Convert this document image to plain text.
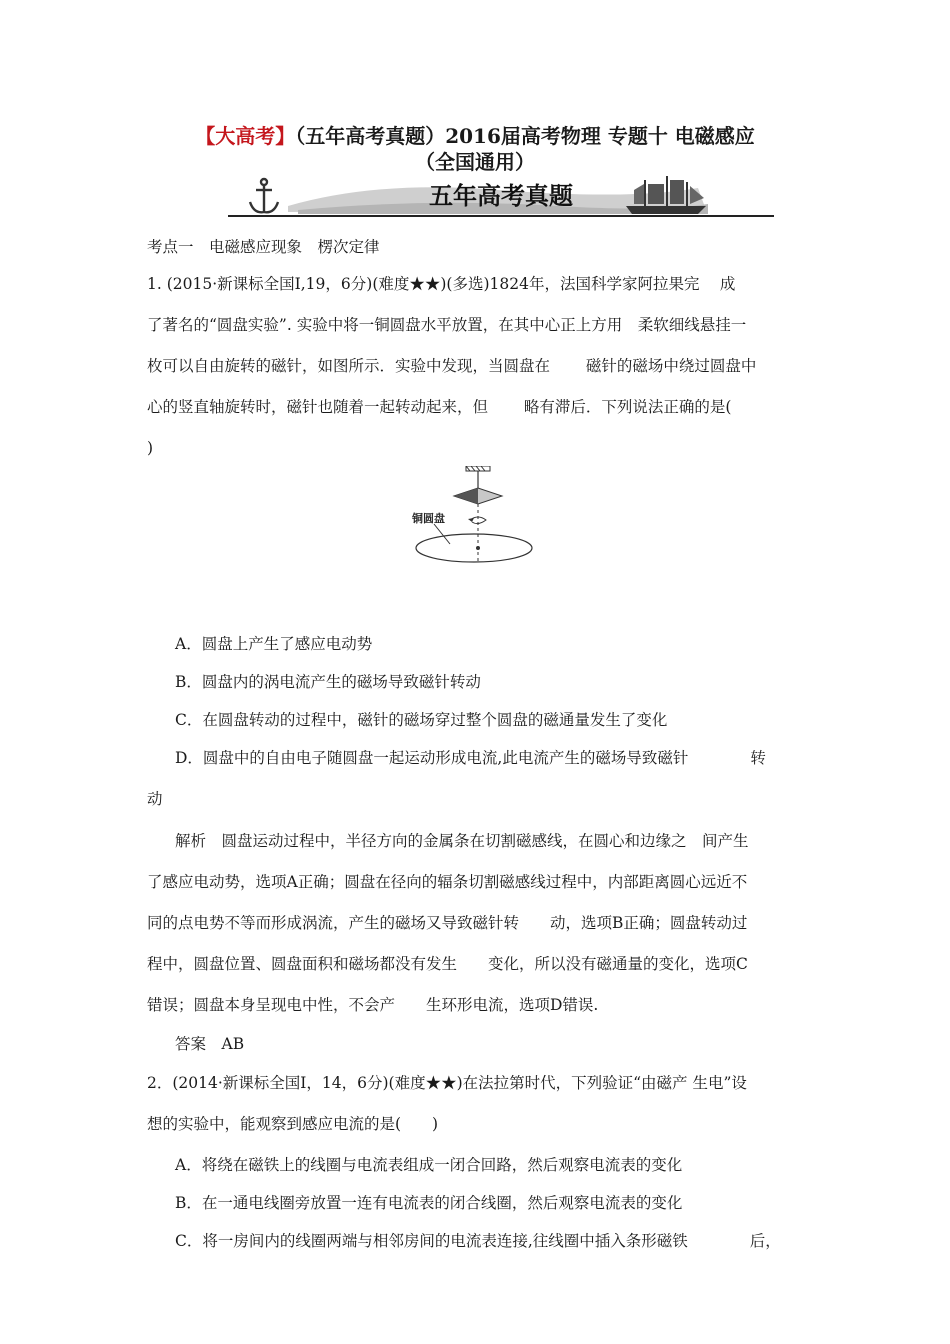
【大高考】（五年高考真题）2016届高考物理 专题十 电磁感应
（全国通用）
五年高考真题
考点一　电磁感应现象　楞次定律
1. (2015·新课标全国Ⅰ,19，6分)(难度★★)(多选)1824年，法国科学家阿拉果完　 成
了著名的“圆盘实验”. 实验中将一铜圆盘水平放置，在其中心正上方用　柔软细线悬挂一
枚可以自由旋转的磁针，如图所示．实验中发现，当圆盘在　　 磁针的磁场中绕过圆盘中
心的竖直轴旋转时，磁针也随着一起转动起来，但　　 略有滞后．下列说法正确的是(
)
铜圆盘
A．圆盘上产生了感应电动势
B．圆盘内的涡电流产生的磁场导致磁针转动
C．在圆盘转动的过程中，磁针的磁场穿过整个圆盘的磁通量发生了变化
D．圆盘中的自由电子随圆盘一起运动形成电流,此电流产生的磁场导致磁针　　　　转
动
解析　圆盘运动过程中，半径方向的金属条在切割磁感线，在圆心和边缘之　间产生
了感应电动势，选项A正确；圆盘在径向的辐条切割磁感线过程中，内部距离圆心远近不
同的点电势不等而形成涡流，产生的磁场又导致磁针转　　动，选项B正确；圆盘转动过
程中，圆盘位置、圆盘面积和磁场都没有发生　　变化，所以没有磁通量的变化，选项C
错误；圆盘本身呈现电中性，不会产　　生环形电流，选项D错误.
答案　AB
2．(2014·新课标全国Ⅰ，14，6分)(难度★★)在法拉第时代，下列验证“由磁产 生电”设
想的实验中，能观察到感应电流的是(　　)
A．将绕在磁铁上的线圈与电流表组成一闭合回路，然后观察电流表的变化
B．在一通电线圈旁放置一连有电流表的闭合线圈，然后观察电流表的变化
C．将一房间内的线圈两端与相邻房间的电流表连接,往线圈中插入条形磁铁　　　　后，
